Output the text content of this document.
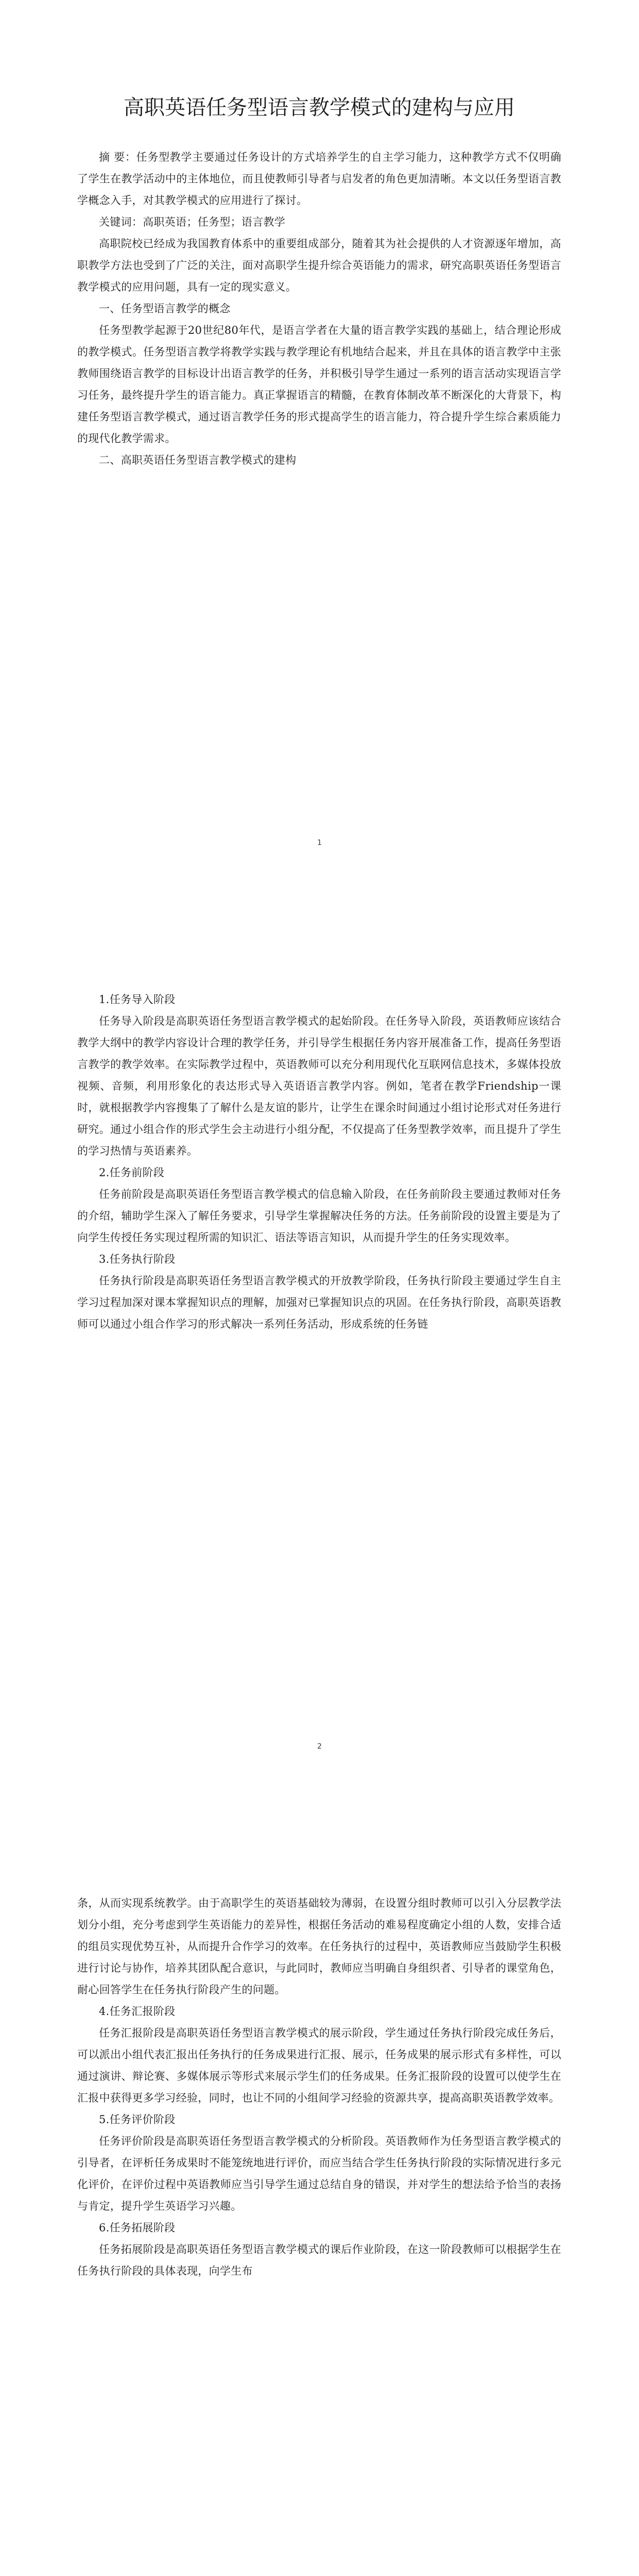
高职英语任务型语言教学模式的建构与应用

摘 要：任务型教学主要通过任务设计的方式培养学生的自主学习能力，这种教学方式不仅明确了学生在教学活动中的主体地位，而且使教师引导者与启发者的角色更加清晰。本文以任务型语言教学概念入手，对其教学模式的应用进行了探讨。

关键词：高职英语；任务型；语言教学

高职院校已经成为我国教育体系中的重要组成部分，随着其为社会提供的人才资源逐年增加，高职教学方法也受到了广泛的关注，面对高职学生提升综合英语能力的需求，研究高职英语任务型语言教学模式的应用问题，具有一定的现实意义。

一、任务型语言教学的概念

任务型教学起源于20世纪80年代，是语言学者在大量的语言教学实践的基础上，结合理论形成的教学模式。任务型语言教学将教学实践与教学理论有机地结合起来，并且在具体的语言教学中主张教师围绕语言教学的目标设计出语言教学的任务，并积极引导学生通过一系列的语言活动实现语言学习任务，最终提升学生的语言能力。真正掌握语言的精髓，在教育体制改革不断深化的大背景下，构建任务型语言教学模式，通过语言教学任务的形式提高学生的语言能力，符合提升学生综合素质能力的现代化教学需求。

二、高职英语任务型语言教学模式的建构

1

1.任务导入阶段

任务导入阶段是高职英语任务型语言教学模式的起始阶段。在任务导入阶段，英语教师应该结合教学大纲中的教学内容设计合理的教学任务，并引导学生根据任务内容开展准备工作，提高任务型语言教学的教学效率。在实际教学过程中，英语教师可以充分利用现代化互联网信息技术，多媒体投放视频、音频，利用形象化的表达形式导入英语语言教学内容。例如，笔者在教学Friendship一课时，就根据教学内容搜集了了解什么是友谊的影片，让学生在课余时间通过小组讨论形式对任务进行研究。通过小组合作的形式学生会主动进行小组分配，不仅提高了任务型教学效率，而且提升了学生的学习热情与英语素养。

2.任务前阶段

任务前阶段是高职英语任务型语言教学模式的信息输入阶段，在任务前阶段主要通过教师对任务的介绍，辅助学生深入了解任务要求，引导学生掌握解决任务的方法。任务前阶段的设置主要是为了向学生传授任务实现过程所需的知识汇、语法等语言知识，从而提升学生的任务实现效率。

3.任务执行阶段

任务执行阶段是高职英语任务型语言教学模式的开放教学阶段，任务执行阶段主要通过学生自主学习过程加深对课本掌握知识点的理解，加强对已掌握知识点的巩固。在任务执行阶段，高职英语教师可以通过小组合作学习的形式解决一系列任务活动，形成系统的任务链

2

条，从而实现系统教学。由于高职学生的英语基础较为薄弱，在设置分组时教师可以引入分层教学法划分小组，充分考虑到学生英语能力的差异性，根据任务活动的难易程度确定小组的人数，安排合适的组员实现优势互补，从而提升合作学习的效率。在任务执行的过程中，英语教师应当鼓励学生积极进行讨论与协作，培养其团队配合意识，与此同时，教师应当明确自身组织者、引导者的课堂角色，耐心回答学生在任务执行阶段产生的问题。

4.任务汇报阶段

任务汇报阶段是高职英语任务型语言教学模式的展示阶段，学生通过任务执行阶段完成任务后，可以派出小组代表汇报出任务执行的任务成果进行汇报、展示，任务成果的展示形式有多样性，可以通过演讲、辩论赛、多媒体展示等形式来展示学生们的任务成果。任务汇报阶段的设置可以使学生在汇报中获得更多学习经验，同时，也让不同的小组间学习经验的资源共享，提高高职英语教学效率。

5.任务评价阶段

任务评价阶段是高职英语任务型语言教学模式的分析阶段。英语教师作为任务型语言教学模式的引导者，在评析任务成果时不能笼统地进行评价，而应当结合学生任务执行阶段的实际情况进行多元化评价，在评价过程中英语教师应当引导学生通过总结自身的错误，并对学生的想法给予恰当的表扬与肯定，提升学生英语学习兴趣。

6.任务拓展阶段

任务拓展阶段是高职英语任务型语言教学模式的课后作业阶段，在这一阶段教师可以根据学生在任务执行阶段的具体表现，向学生布
